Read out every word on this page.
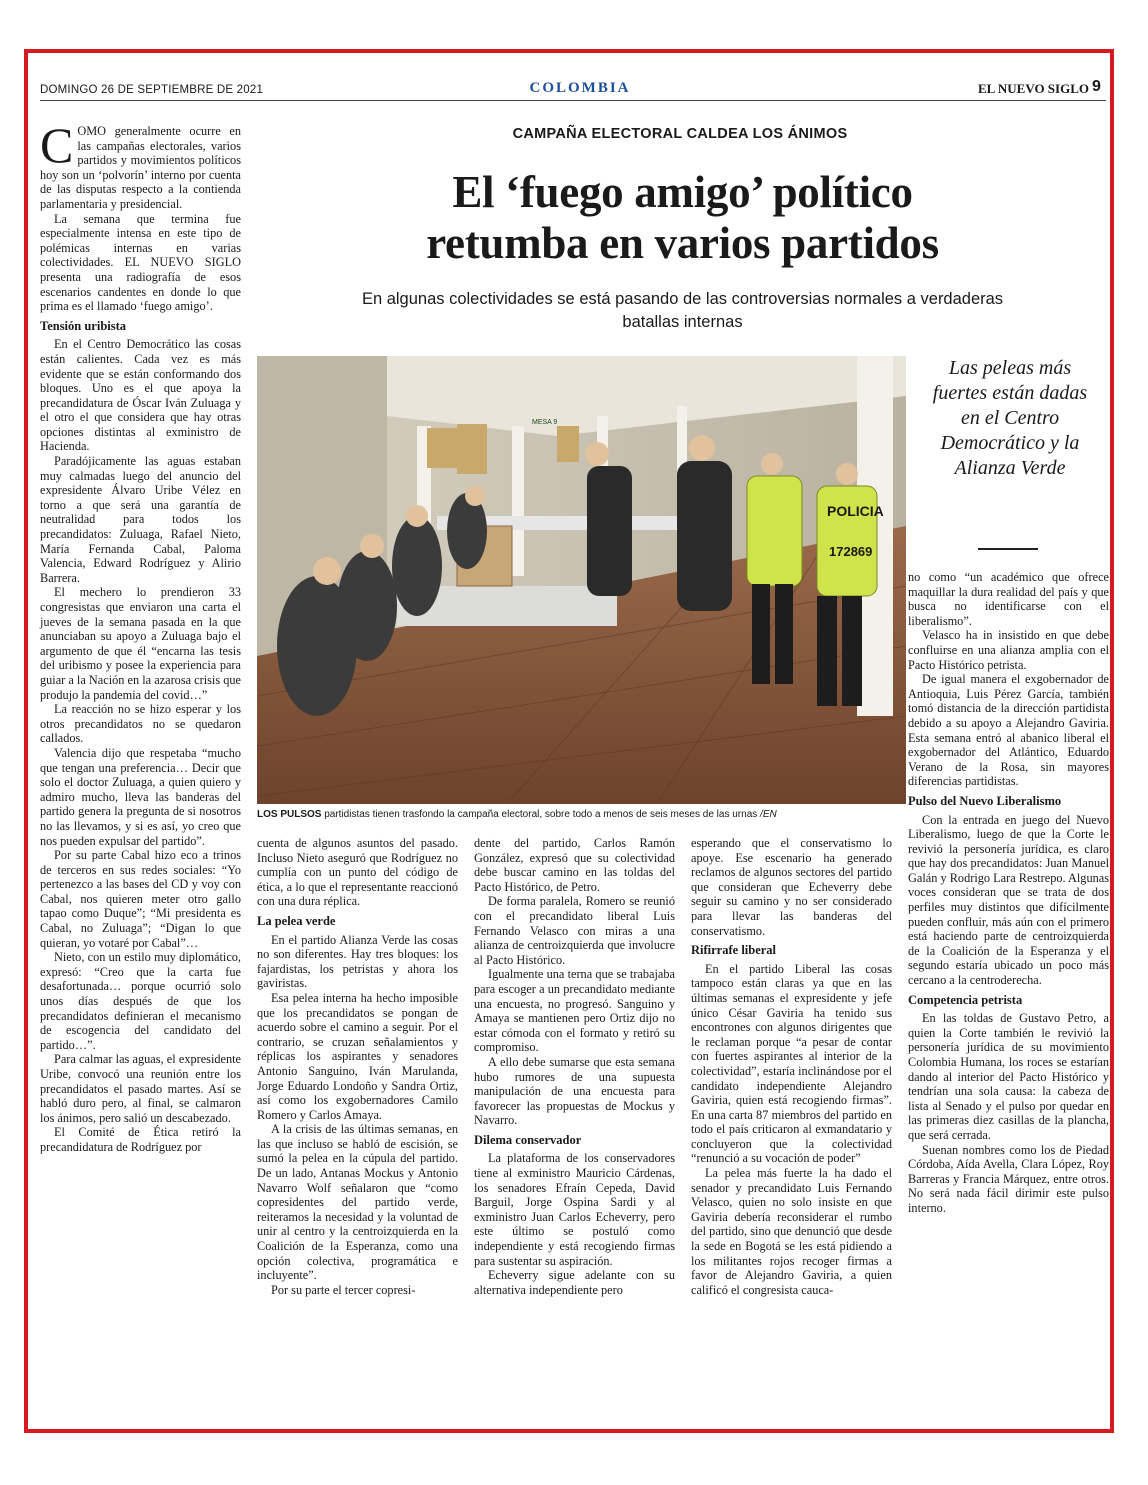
DOMINGO 26 DE SEPTIEMBRE DE 2021	COLOMBIA	EL NUEVO SIGLO 9
CAMPAÑA ELECTORAL CALDEA LOS ÁNIMOS
El ‘fuego amigo’ político
retumba en varios partidos
En algunas colectividades se está pasando de las controversias normales a verdaderas batallas internas

COMO generalmente ocurre en las campañas electorales, varios partidos y movimientos políticos hoy son un ‘polvorín’ interno por cuenta de las disputas respecto a la contienda parlamentaria y presidencial.

La semana que termina fue especialmente intensa en este tipo de polémicas internas en varias colectividades. EL NUEVO SIGLO presenta una radiografía de esos escenarios candentes en donde lo que prima es el llamado ‘fuego amigo’.

Tensión uribista

En el Centro Democrático las cosas están calientes. Cada vez es más evidente que se están conformando dos bloques. Uno es el que apoya la precandidatura de Óscar Iván Zuluaga y el otro el que considera que hay otras opciones distintas al exministro de Hacienda.

Paradójicamente las aguas estaban muy calmadas luego del anuncio del expresidente Álvaro Uribe Vélez en torno a que será una garantía de neutralidad para todos los precandidatos: Zuluaga, Rafael Nieto, María Fernanda Cabal, Paloma Valencia, Edward Rodríguez y Alirio Barrera.

El mechero lo prendieron 33 congresistas que enviaron una carta el jueves de la semana pasada en la que anunciaban su apoyo a Zuluaga bajo el argumento de que él “encarna las tesis del uribismo y posee la experiencia para guiar a la Nación en la azarosa crisis que produjo la pandemia del covid…”

La reacción no se hizo esperar y los otros precandidatos no se quedaron callados.

Valencia dijo que respetaba “mucho que tengan una preferencia… Decir que solo el doctor Zuluaga, a quien quiero y admiro mucho, lleva las banderas del partido genera la pregunta de si nosotros no las llevamos, y si es así, yo creo que nos pueden expulsar del partido”.

Por su parte Cabal hizo eco a trinos de terceros en sus redes sociales: “Yo pertenezco a las bases del CD y voy con Cabal, nos quieren meter otro gallo tapao como Duque”; “Mi presidenta es Cabal, no Zuluaga”; “Digan lo que quieran, yo votaré por Cabal”…

Nieto, con un estilo muy diplomático, expresó: “Creo que la carta fue desafortunada… porque ocurrió solo unos días después de que los precandidatos definieran el mecanismo de escogencia del candidato del partido…”.

Para calmar las aguas, el expresidente Uribe, convocó una reunión entre los precandidatos el pasado martes. Así se habló duro pero, al final, se calmaron los ánimos, pero salió un descabezado.

El Comité de Ética retiró la precandidatura de Rodríguez por

POLICIA
172869
MESA 9
LOS PULSOS partidistas tienen trasfondo la campaña electoral, sobre todo a menos de seis meses de las urnas /EN
Las peleas más fuertes están dadas en el Centro Democrático y la Alianza Verde

cuenta de algunos asuntos del pasado. Incluso Nieto aseguró que Rodríguez no cumplía con un punto del código de ética, a lo que el representante reaccionó con una dura réplica.

La pelea verde

En el partido Alianza Verde las cosas no son diferentes. Hay tres bloques: los fajardistas, los petristas y ahora los gaviristas.

Esa pelea interna ha hecho imposible que los precandidatos se pongan de acuerdo sobre el camino a seguir. Por el contrario, se cruzan señalamientos y réplicas los aspirantes y senadores Antonio Sanguino, Iván Marulanda, Jorge Eduardo Londoño y Sandra Ortiz, así como los exgobernadores Camilo Romero y Carlos Amaya.

A la crisis de las últimas semanas, en las que incluso se habló de escisión, se sumó la pelea en la cúpula del partido. De un lado, Antanas Mockus y Antonio Navarro Wolf señalaron que “como copresidentes del partido verde, reiteramos la necesidad y la voluntad de unir al centro y la centroizquierda en la Coalición de la Esperanza, como una opción colectiva, programática e incluyente”.

Por su parte el tercer copresi-

dente del partido, Carlos Ramón González, expresó que su colectividad debe buscar camino en las toldas del Pacto Histórico, de Petro.

De forma paralela, Romero se reunió con el precandidato liberal Luis Fernando Velasco con miras a una alianza de centroizquierda que involucre al Pacto Histórico.

Igualmente una terna que se trabajaba para escoger a un precandidato mediante una encuesta, no progresó. Sanguino y Amaya se mantienen pero Ortiz dijo no estar cómoda con el formato y retiró su compromiso.

A ello debe sumarse que esta semana hubo rumores de una supuesta manipulación de una encuesta para favorecer las propuestas de Mockus y Navarro.

Dilema conservador

La plataforma de los conservadores tiene al exministro Mauricio Cárdenas, los senadores Efraín Cepeda, David Barguil, Jorge Ospina Sardi y al exministro Juan Carlos Echeverry, pero este último se postuló como independiente y está recogiendo firmas para sustentar su aspiración.

Echeverry sigue adelante con su alternativa independiente pero

esperando que el conservatismo lo apoye. Ese escenario ha generado reclamos de algunos sectores del partido que consideran que Echeverry debe seguir su camino y no ser considerado para llevar las banderas del conservatismo.

Rifirrafe liberal

En el partido Liberal las cosas tampoco están claras ya que en las últimas semanas el expresidente y jefe único César Gaviria ha tenido sus encontrones con algunos dirigentes que le reclaman porque “a pesar de contar con fuertes aspirantes al interior de la colectividad”, estaría inclinándose por el candidato independiente Alejandro Gaviria, quien está recogiendo firmas”. En una carta 87 miembros del partido en todo el país criticaron al exmandatario y concluyeron que la colectividad “renunció a su vocación de poder”

La pelea más fuerte la ha dado el senador y precandidato Luis Fernando Velasco, quien no solo insiste en que Gaviria debería reconsiderar el rumbo del partido, sino que denunció que desde la sede en Bogotá se les está pidiendo a los militantes rojos recoger firmas a favor de Alejandro Gaviria, a quien calificó el congresista cauca-

no como “un académico que ofrece maquillar la dura realidad del país y que busca no identificarse con el liberalismo”.

Velasco ha in insistido en que debe confluirse en una alianza amplia con el Pacto Histórico petrista.

De igual manera el exgobernador de Antioquia, Luis Pérez García, también tomó distancia de la dirección partidista debido a su apoyo a Alejandro Gaviria. Esta semana entró al abanico liberal el exgobernador del Atlántico, Eduardo Verano de la Rosa, sin mayores diferencias partidistas.

Pulso del Nuevo Liberalismo

Con la entrada en juego del Nuevo Liberalismo, luego de que la Corte le revivió la personería jurídica, es claro que hay dos precandidatos: Juan Manuel Galán y Rodrigo Lara Restrepo. Algunas voces consideran que se trata de dos perfiles muy distintos que difícilmente pueden confluir, más aún con el primero está haciendo parte de centroizquierda de la Coalición de la Esperanza y el segundo estaría ubicado un poco más cercano a la centroderecha.

Competencia petrista

En las toldas de Gustavo Petro, a quien la Corte también le revivió la personería jurídica de su movimiento Colombia Humana, los roces se estarían dando al interior del Pacto Histórico y tendrían una sola causa: la cabeza de lista al Senado y el pulso por quedar en las primeras diez casillas de la plancha, que será cerrada.

Suenan nombres como los de Piedad Córdoba, Aída Avella, Clara López, Roy Barreras y Francia Márquez, entre otros. No será nada fácil dirimir este pulso interno.
